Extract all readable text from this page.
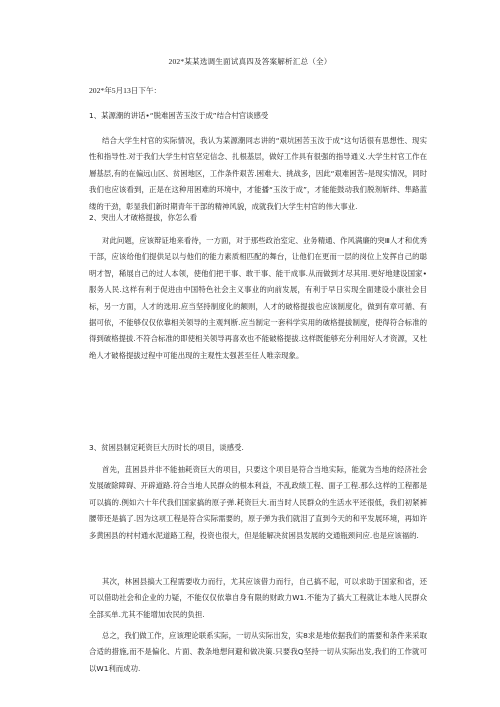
202*某某选调生面试真四及答案解析汇总（全）
202*年5月13日下午：
1、某源潮的讲话•“脱难困苦玉汝于成”结合村官谈感受

结合大学生村官的实际情况，我认为某源潮同志讲的“艰坑困苦玉汝于成”这句话很有思想性、现实性和指导性.对于我们大学生村官坚定信念、扎根基层，做好工作具有很强的指导通义.大学生村官工作在層基层,有的在偏远山区、贫困地区，工作条件艰苦.困难大、挑战多，因此“艰难困苦–是现实情况，同时我们也应该看到，正是在这种用困难的环境中，才能播“玉汝于成”，才能能鼓动我们脱剂斩绊、隼路蓝缕的干劲，彰显我们新时期青年干部的精神风貌，成就我们大学生村官的伟大事业.

2、突出人才破格提拔，你怎么看

对此问题，应该辩证地来看待，一方面，对于那些政治室定、业务精通、作风满廉的突Ⅲ人才和优秀干部，应该给他们提供足以与他们的能力素质相匹配的舞台，让他们在更而一层的岗位上发挥自己的聪明才智，稀展自己的过人本领，使他们把干事、敢干事、能干成事.从而做到才尽其用.更好地建设国家•服务人民.这样有利于促进由中国特色社会主义事业的向前发展，有利于早日实现全面建设小康社会目标，另一方面，人才的选用.应当坚持制度化的额则，人才的破格提拔也应该制度化，做到有章可循、有据可依，不能够仅仅依靠相关领导的主观判断.应当制定一套科学实用的破格提拔制度，使得符合标准的得到破格提拔.不符合标准的即使相关领导再喜欢也不能破格提拔.这样既能够充分利用好人才资源，又杜绝人才破格提拔过程中可能出现的主观性太强甚至任人唯亲现象。

3、贫困县制定耗资巨大历时长的项目，谈感受.

首先，苴困县并非不能抽耗资巨大的项目，只要这个项目是符合当地实际，能就为当地的经济社会发展破除障碍、开辟道路.符合当地人民群众的根本利益，不乱政绩工程、面子工程.那么这样的工程都是可以搞的.例如六十年代我们国家搞的原子弹.耗资巨大.而当时人民群众的生活水平还很低，我们初紧裤腰带还是搞了.因为这项工程是符合实际需要的，原子弹为我们就泪了直到今天的和平发展环境，再如许多黄困县的村村通水泥道路工程，投资也很大，但是能解决贫困县发展的交通瓶颈问应.也是应该福的.

其次，林困县搞大工程需要收力而行，尤其应该借力而行，自己搞不起，可以求助于国家和省，还可以借助社会和企业的力疑，不能仅仅依靠自身有限的财政力W1.不能为了搞大工程就让本地人民群众全部买单.尤其不能增加农民的负担.

总之，我们做工作，应该理论联系实际，一切从实际出发，实8求是地依据我们的需要和条件来采取合适的措施,而不是偏化、片面、教条地想问避和做决策.只要我Q坚持一切从实际出发,我们的工作就可以W1利而成功.
